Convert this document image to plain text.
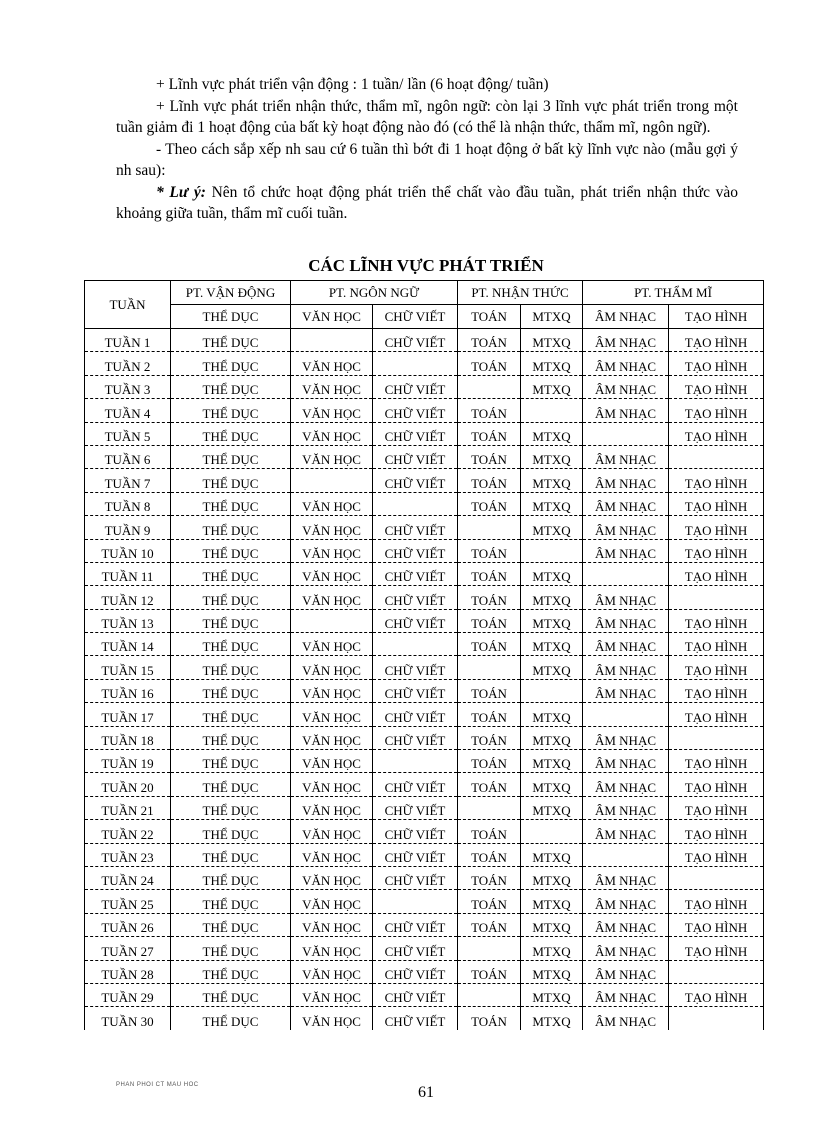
+ Lĩnh vực phát triển vận động : 1 tuần/ lần (6 hoạt động/ tuần)

+ Lĩnh vực phát triển nhận thức, thẩm mĩ, ngôn ngữ: còn lại 3 lĩnh vực phát triển trong một tuần giảm đi 1 hoạt động của bất kỳ hoạt động nào đó (có thể là nhận thức, thẩm mĩ, ngôn ngữ).

- Theo cách sắp xếp nh sau cứ 6 tuần thì bớt đi 1 hoạt động ở bất kỳ lĩnh vực nào (mẫu gợi ý nh sau):

* Lư ý: Nên tổ chức hoạt động phát triển thể chất vào đầu tuần, phát triển nhận thức vào khoảng giữa tuần, thẩm mĩ cuối tuần.

CÁC LĨNH VỰC PHÁT TRIỂN
TUẦN	PT. VẬN ĐỘNG	PT. NGÔN NGỮ		PT. NHẬN THỨC		PT. THẨM MĨ	
	THỂ DỤC	VĂN HỌC	CHỮ VIẾT	TOÁN	MTXQ	ÂM NHẠC	TẠO HÌNH
TUẦN 1	THỂ DỤC		CHỮ VIẾT	TOÁN	MTXQ	ÂM NHẠC	TẠO HÌNH
TUẦN 2	THỂ DỤC	VĂN HỌC		TOÁN	MTXQ	ÂM NHẠC	TẠO HÌNH
TUẦN 3	THỂ DỤC	VĂN HỌC	CHỮ VIẾT		MTXQ	ÂM NHẠC	TẠO HÌNH
TUẦN 4	THỂ DỤC	VĂN HỌC	CHỮ VIẾT	TOÁN		ÂM NHẠC	TẠO HÌNH
TUẦN 5	THỂ DỤC	VĂN HỌC	CHỮ VIẾT	TOÁN	MTXQ		TẠO HÌNH
TUẦN 6	THỂ DỤC	VĂN HỌC	CHỮ VIẾT	TOÁN	MTXQ	ÂM NHẠC	
TUẦN 7	THỂ DỤC		CHỮ VIẾT	TOÁN	MTXQ	ÂM NHẠC	TẠO HÌNH
TUẦN 8	THỂ DỤC	VĂN HỌC		TOÁN	MTXQ	ÂM NHẠC	TẠO HÌNH
TUẦN 9	THỂ DỤC	VĂN HỌC	CHỮ VIẾT		MTXQ	ÂM NHẠC	TẠO HÌNH
TUẦN 10	THỂ DỤC	VĂN HỌC	CHỮ VIẾT	TOÁN		ÂM NHẠC	TẠO HÌNH
TUẦN 11	THỂ DỤC	VĂN HỌC	CHỮ VIẾT	TOÁN	MTXQ		TẠO HÌNH
TUẦN 12	THỂ DỤC	VĂN HỌC	CHỮ VIẾT	TOÁN	MTXQ	ÂM NHẠC	
TUẦN 13	THỂ DỤC		CHỮ VIẾT	TOÁN	MTXQ	ÂM NHẠC	TẠO HÌNH
TUẦN 14	THỂ DỤC	VĂN HỌC		TOÁN	MTXQ	ÂM NHẠC	TẠO HÌNH
TUẦN 15	THỂ DỤC	VĂN HỌC	CHỮ VIẾT		MTXQ	ÂM NHẠC	TẠO HÌNH
TUẦN 16	THỂ DỤC	VĂN HỌC	CHỮ VIẾT	TOÁN		ÂM NHẠC	TẠO HÌNH
TUẦN 17	THỂ DỤC	VĂN HỌC	CHỮ VIẾT	TOÁN	MTXQ		TẠO HÌNH
TUẦN 18	THỂ DỤC	VĂN HỌC	CHỮ VIẾT	TOÁN	MTXQ	ÂM NHẠC	
TUẦN 19	THỂ DỤC	VĂN HỌC		TOÁN	MTXQ	ÂM NHẠC	TẠO HÌNH
TUẦN 20	THỂ DỤC	VĂN HỌC	CHỮ VIẾT	TOÁN	MTXQ	ÂM NHẠC	TẠO HÌNH
TUẦN 21	THỂ DỤC	VĂN HỌC	CHỮ VIẾT		MTXQ	ÂM NHẠC	TẠO HÌNH
TUẦN 22	THỂ DỤC	VĂN HỌC	CHỮ VIẾT	TOÁN		ÂM NHẠC	TẠO HÌNH
TUẦN 23	THỂ DỤC	VĂN HỌC	CHỮ VIẾT	TOÁN	MTXQ		TẠO HÌNH
TUẦN 24	THỂ DỤC	VĂN HỌC	CHỮ VIẾT	TOÁN	MTXQ	ÂM NHẠC	
TUẦN 25	THỂ DỤC	VĂN HỌC		TOÁN	MTXQ	ÂM NHẠC	TẠO HÌNH
TUẦN 26	THỂ DỤC	VĂN HỌC	CHỮ VIẾT	TOÁN	MTXQ	ÂM NHẠC	TẠO HÌNH
TUẦN 27	THỂ DỤC	VĂN HỌC	CHỮ VIẾT		MTXQ	ÂM NHẠC	TẠO HÌNH
TUẦN 28	THỂ DỤC	VĂN HỌC	CHỮ VIẾT	TOÁN	MTXQ	ÂM NHẠC	
TUẦN 29	THỂ DỤC	VĂN HỌC	CHỮ VIẾT		MTXQ	ÂM NHẠC	TẠO HÌNH
TUẦN 30	THỂ DỤC	VĂN HỌC	CHỮ VIẾT	TOÁN	MTXQ	ÂM NHẠC	
PHAN PHOI CT MAU HOC	61
